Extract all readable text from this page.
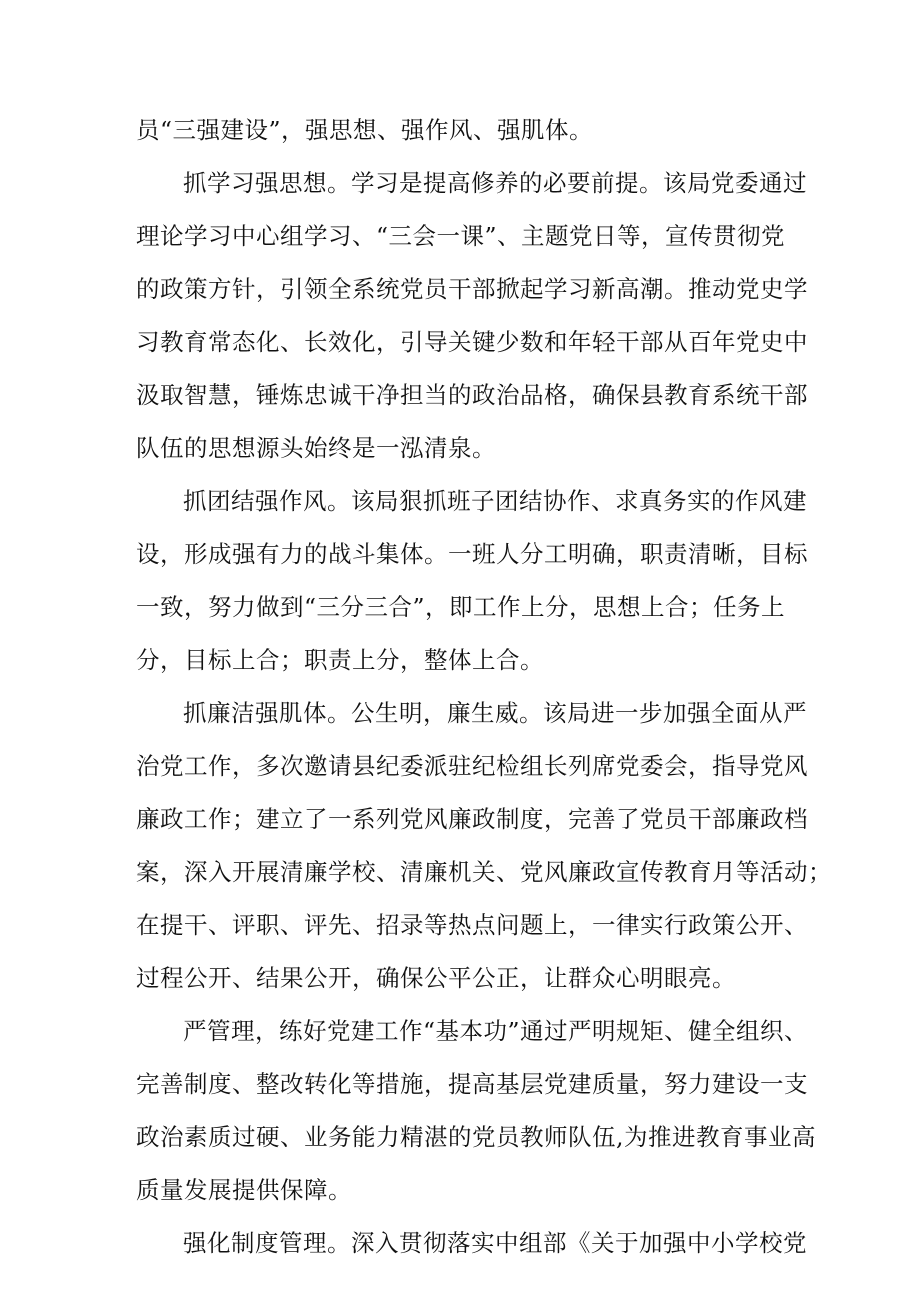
员“三强建设”，强思想、强作风、强肌体。
抓学习强思想。学习是提高修养的必要前提。该局党委通过
理论学习中心组学习、“三会一课”、主题党日等，宣传贯彻党
的政策方针，引领全系统党员干部掀起学习新高潮。推动党史学
习教育常态化、长效化，引导关键少数和年轻干部从百年党史中
汲取智慧，锤炼忠诚干净担当的政治品格，确保县教育系统干部
队伍的思想源头始终是一泓清泉。
抓团结强作风。该局狠抓班子团结协作、求真务实的作风建
设，形成强有力的战斗集体。一班人分工明确，职责清晰，目标
一致，努力做到“三分三合”，即工作上分，思想上合；任务上
分，目标上合；职责上分，整体上合。
抓廉洁强肌体。公生明，廉生威。该局进一步加强全面从严
治党工作，多次邀请县纪委派驻纪检组长列席党委会，指导党风
廉政工作；建立了一系列党风廉政制度，完善了党员干部廉政档
案，深入开展清廉学校、清廉机关、党风廉政宣传教育月等活动；
在提干、评职、评先、招录等热点问题上，一律实行政策公开、
过程公开、结果公开，确保公平公正，让群众心明眼亮。
严管理，练好党建工作“基本功”通过严明规矩、健全组织、
完善制度、整改转化等措施，提高基层党建质量，努力建设一支
政治素质过硬、业务能力精湛的党员教师队伍,为推进教育事业高
质量发展提供保障。
强化制度管理。深入贯彻落实中组部《关于加强中小学校党
